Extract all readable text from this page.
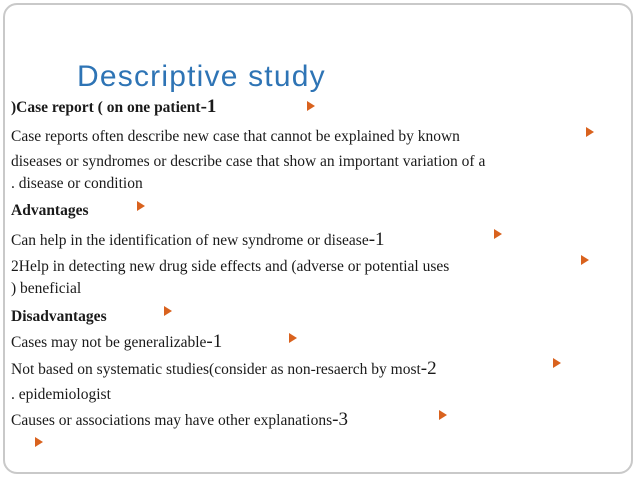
Descriptive study
)Case report ( on one patient-1
Case reports often describe new case that cannot be explained by known
diseases or syndromes or describe case that show an important variation of a
. disease or condition
Advantages
Can help in the identification of new syndrome or disease-1
2Help in detecting new drug side effects and (adverse or potential uses
) beneficial
Disadvantages
Cases may not be generalizable-1
Not based on systematic studies(consider as non-resaerch by most-2
. epidemiologist
Causes or associations may have other explanations-3
